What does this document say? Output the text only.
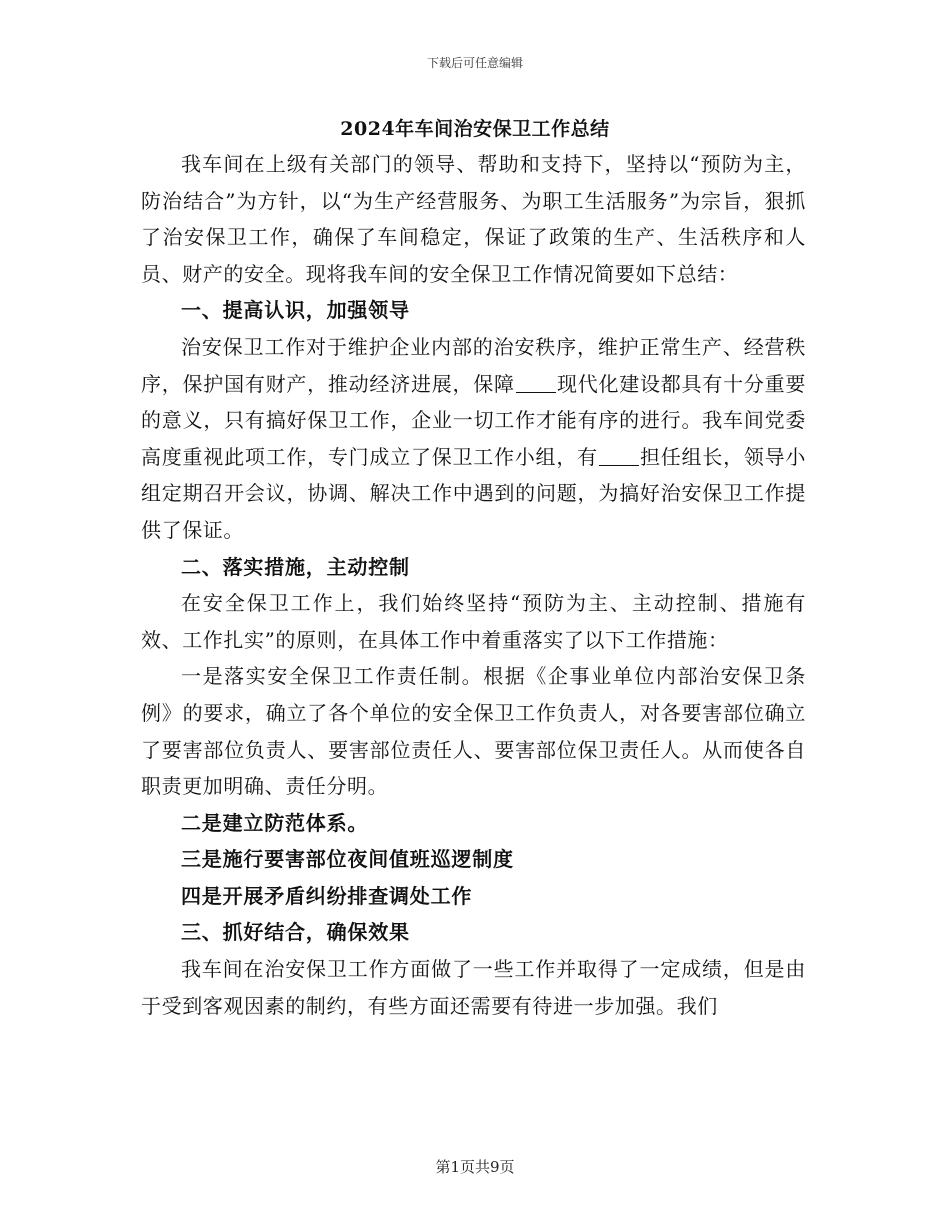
下载后可任意编辑
2024年车间治安保卫工作总结

我车间在上级有关部门的领导、帮助和支持下，坚持以“预防为主，防治结合”为方针，以“为生产经营服务、为职工生活服务”为宗旨，狠抓了治安保卫工作，确保了车间稳定，保证了政策的生产、生活秩序和人员、财产的安全。现将我车间的安全保卫工作情况简要如下总结：

一、提高认识，加强领导

治安保卫工作对于维护企业内部的治安秩序，维护正常生产、经营秩序，保护国有财产，推动经济进展，保障 现代化建设都具有十分重要的意义，只有搞好保卫工作，企业一切工作才能有序的进行。我车间党委高度重视此项工作，专门成立了保卫工作小组，有 担任组长，领导小组定期召开会议，协调、解决工作中遇到的问题，为搞好治安保卫工作提供了保证。

二、落实措施，主动控制

在安全保卫工作上，我们始终坚持“预防为主、主动控制、措施有效、工作扎实”的原则，在具体工作中着重落实了以下工作措施：

一是落实安全保卫工作责任制。根据《企事业单位内部治安保卫条例》的要求，确立了各个单位的安全保卫工作负责人，对各要害部位确立了要害部位负责人、要害部位责任人、要害部位保卫责任人。从而使各自职责更加明确、责任分明。

二是建立防范体系。

三是施行要害部位夜间值班巡逻制度

四是开展矛盾纠纷排查调处工作

三、抓好结合，确保效果

我车间在治安保卫工作方面做了一些工作并取得了一定成绩，但是由于受到客观因素的制约，有些方面还需要有待进一步加强。我们

第1页共9页
